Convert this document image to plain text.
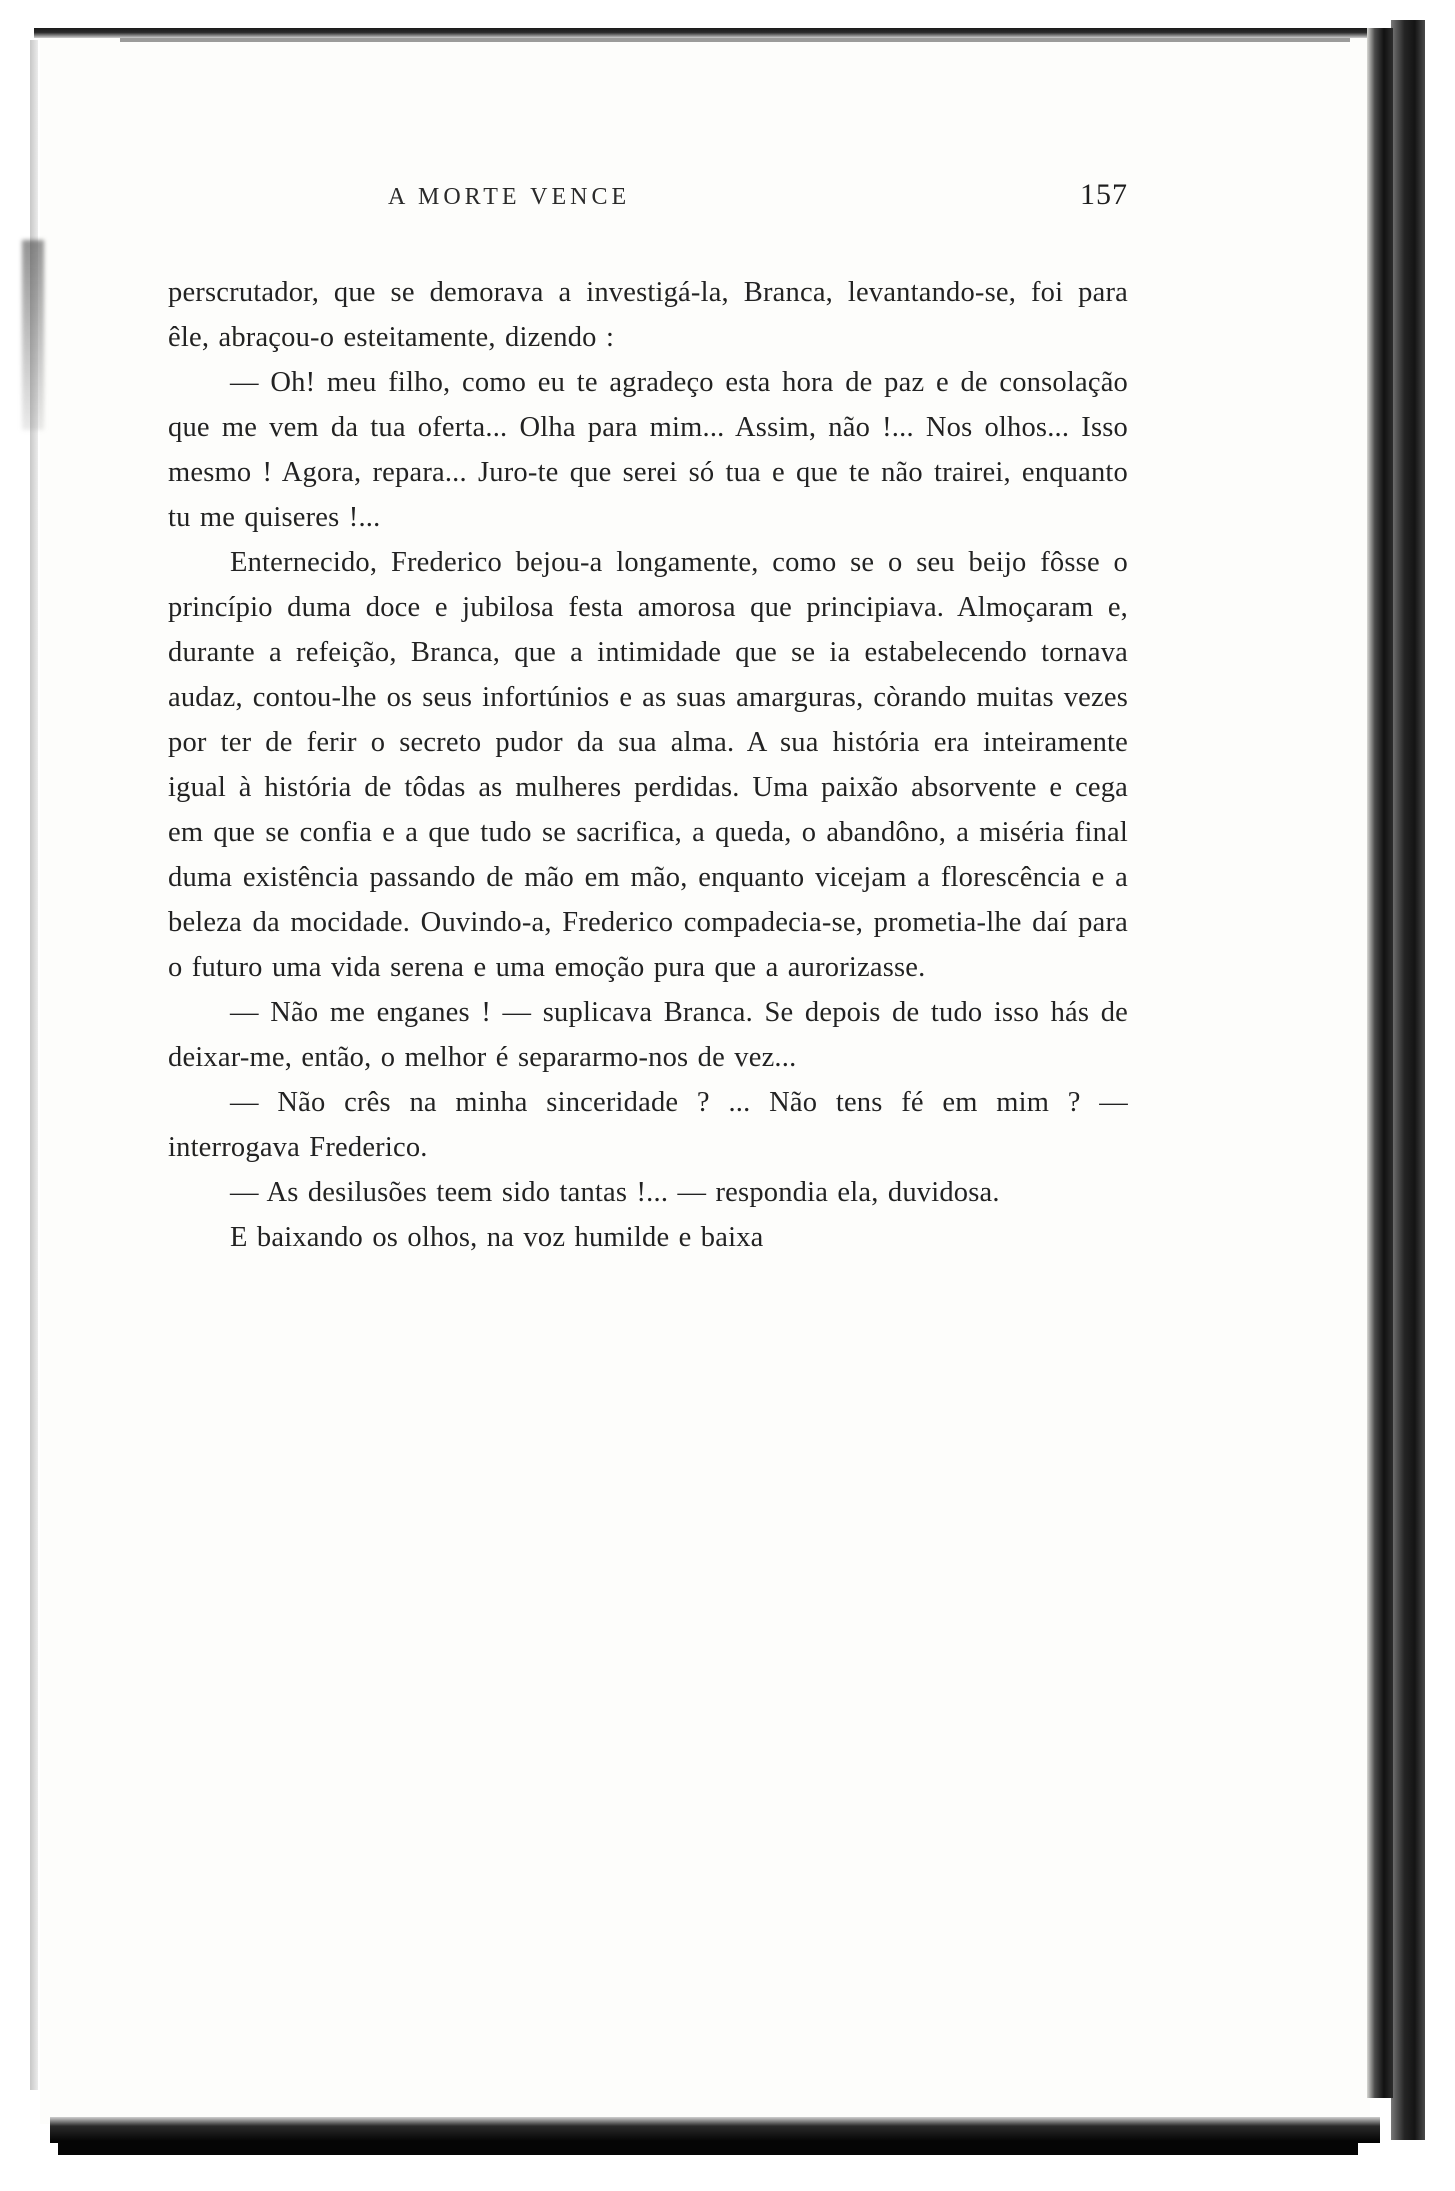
A MORTE VENCE	157

perscrutador, que se demorava a investigá-la, Branca, levantando-se, foi para êle, abraçou-o esteitamente, dizendo :

— Oh! meu filho, como eu te agradeço esta hora de paz e de consolação que me vem da tua oferta... Olha para mim... Assim, não !... Nos olhos... Isso mesmo ! Agora, repara... Juro-te que serei só tua e que te não trairei, enquanto tu me quiseres !...

Enternecido, Frederico bejou-a longamente, como se o seu beijo fôsse o princípio duma doce e jubilosa festa amorosa que principiava. Almoçaram e, durante a refeição, Branca, que a intimidade que se ia estabelecendo tornava audaz, contou-lhe os seus infortúnios e as suas amarguras, còrando muitas vezes por ter de ferir o secreto pudor da sua alma. A sua história era inteiramente igual à história de tôdas as mulheres perdidas. Uma paixão absorvente e cega em que se confia e a que tudo se sacrifica, a queda, o abandôno, a miséria final duma existência passando de mão em mão, enquanto vicejam a florescência e a beleza da mocidade. Ouvindo-a, Frederico compadecia-se, prometia-lhe daí para o futuro uma vida serena e uma emoção pura que a aurorizasse.

— Não me enganes ! — suplicava Branca. Se depois de tudo isso hás de deixar-me, então, o melhor é separarmo-nos de vez...

— Não crês na minha sinceridade ? ... Não tens fé em mim ? — interrogava Frederico.

— As desilusões teem sido tantas !... — respondia ela, duvidosa.

E baixando os olhos, na voz humilde e baixa
